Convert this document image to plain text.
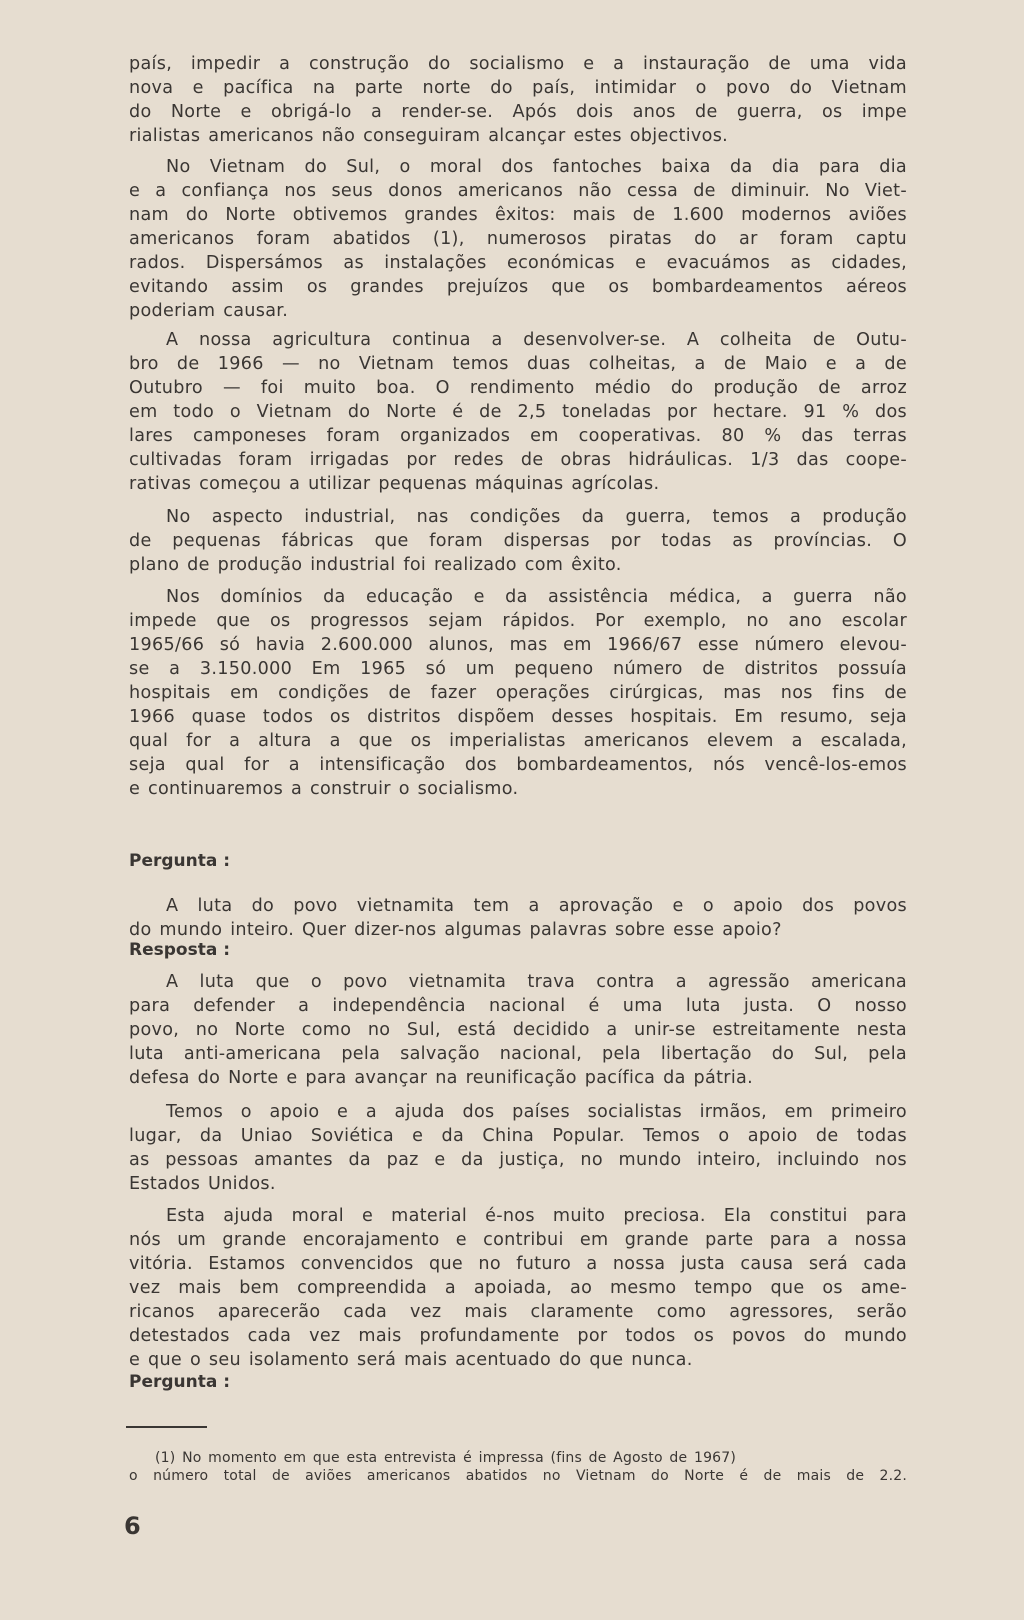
país, impedir a construção do socialismo e a instauração de uma vida
nova e pacífica na parte norte do país, intimidar o povo do Vietnam
do Norte e obrigá-lo a render-se. Após dois anos de guerra, os impe
rialistas americanos não conseguiram alcançar estes objectivos.
No Vietnam do Sul, o moral dos fantoches baixa da dia para dia
e a confiança nos seus donos americanos não cessa de diminuir. No Viet-
nam do Norte obtivemos grandes êxitos: mais de 1.600 modernos aviões
americanos foram abatidos (1), numerosos piratas do ar foram captu
rados. Dispersámos as instalações económicas e evacuámos as cidades,
evitando assim os grandes prejuízos que os bombardeamentos aéreos
poderiam causar.
A nossa agricultura continua a desenvolver-se. A colheita de Outu-
bro de 1966 — no Vietnam temos duas colheitas, a de Maio e a de
Outubro — foi muito boa. O rendimento médio do produção de arroz
em todo o Vietnam do Norte é de 2,5 toneladas por hectare. 91 % dos
lares camponeses foram organizados em cooperativas. 80 % das terras
cultivadas foram irrigadas por redes de obras hidráulicas. 1/3 das coope-
rativas começou a utilizar pequenas máquinas agrícolas.
No aspecto industrial, nas condições da guerra, temos a produção
de pequenas fábricas que foram dispersas por todas as províncias. O
plano de produção industrial foi realizado com êxito.
Nos domínios da educação e da assistência médica, a guerra não
impede que os progressos sejam rápidos. Por exemplo, no ano escolar
1965/66 só havia 2.600.000 alunos, mas em 1966/67 esse número elevou-
se a 3.150.000 Em 1965 só um pequeno número de distritos possuía
hospitais em condições de fazer operações cirúrgicas, mas nos fins de
1966 quase todos os distritos dispõem desses hospitais. Em resumo, seja
qual for a altura a que os imperialistas americanos elevem a escalada,
seja qual for a intensificação dos bombardeamentos, nós vencê-los-emos
e continuaremos a construir o socialismo.
A luta do povo vietnamita tem a aprovação e o apoio dos povos
do mundo inteiro. Quer dizer-nos algumas palavras sobre esse apoio?
A luta que o povo vietnamita trava contra a agressão americana
para defender a independência nacional é uma luta justa. O nosso
povo, no Norte como no Sul, está decidido a unir-se estreitamente nesta
luta anti-americana pela salvação nacional, pela libertação do Sul, pela
defesa do Norte e para avançar na reunificação pacífica da pátria.
Temos o apoio e a ajuda dos países socialistas irmãos, em primeiro
lugar, da Uniao Soviética e da China Popular. Temos o apoio de todas
as pessoas amantes da paz e da justiça, no mundo inteiro, incluindo nos
Estados Unidos.
Esta ajuda moral e material é-nos muito preciosa. Ela constitui para
nós um grande encorajamento e contribui em grande parte para a nossa
vitória. Estamos convencidos que no futuro a nossa justa causa será cada
vez mais bem compreendida a apoiada, ao mesmo tempo que os ame-
ricanos aparecerão cada vez mais claramente como agressores, serão
detestados cada vez mais profundamente por todos os povos do mundo
e que o seu isolamento será mais acentuado do que nunca.
Pergunta :
Resposta :
Pergunta :
(1) No momento em que esta entrevista é impressa (fins de Agosto de 1967)
o número total de aviões americanos abatidos no Vietnam do Norte é de mais de 2.2.
6
